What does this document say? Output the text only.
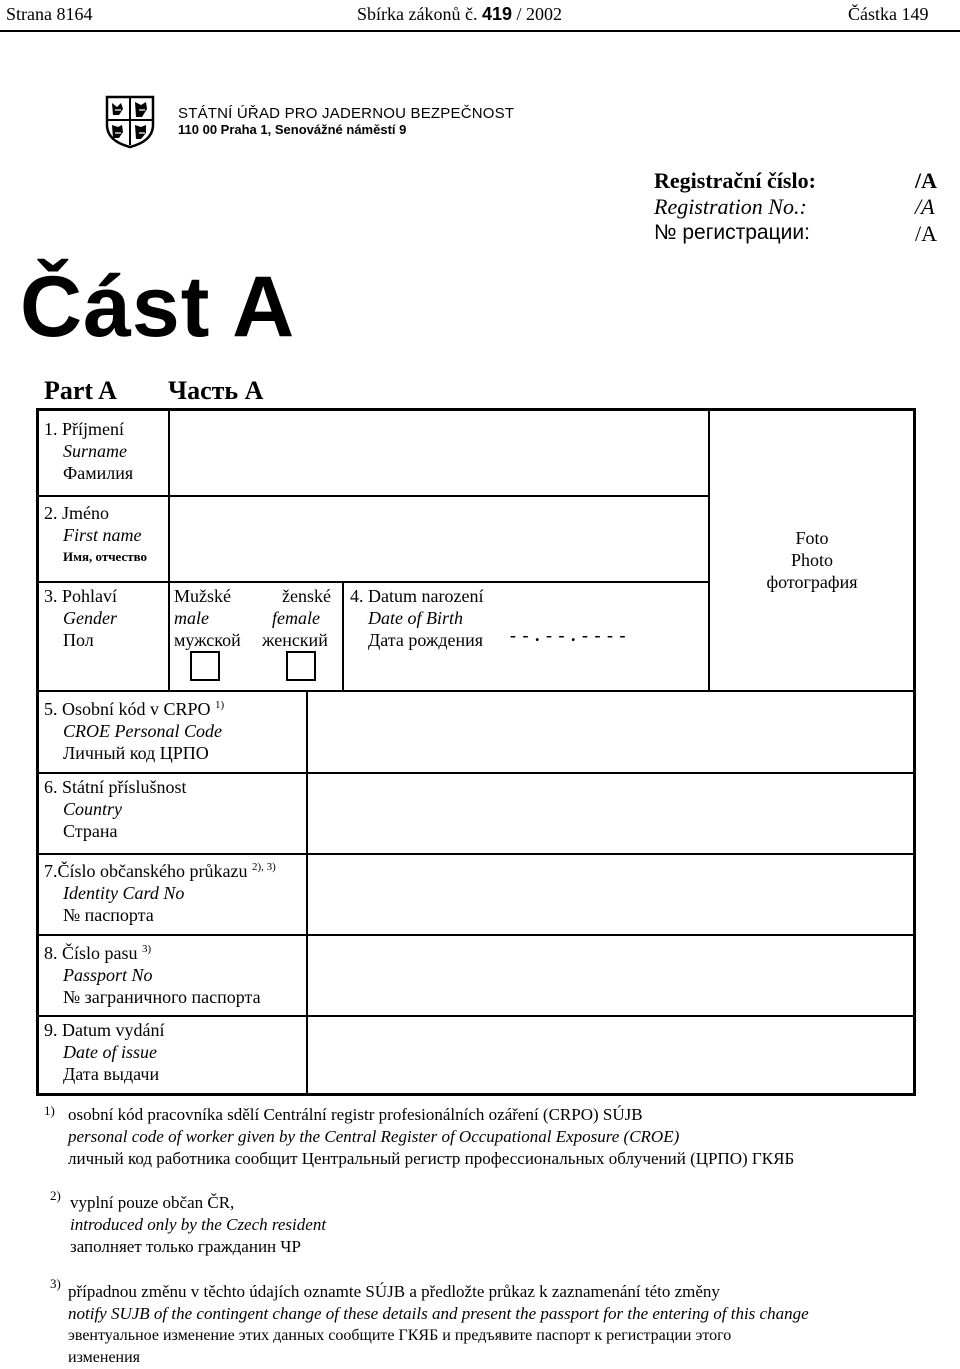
Strana 8164	Sbírka zákonů č. 419 / 2002	Částka 149
STÁTNÍ ÚŘAD PRO JADERNOU BEZPEČNOST
110 00 Praha 1, Senovážné náměstí 9
Registrační číslo:
Registration No.:
№ регистрации:
/A
/A
/A
Část A
Part A Часть А
1. Příjmení
Surname
Фамилия
2. Jméno
First name
Имя, отчество
3. Pohlaví
Gender
Пол
Mužské
male
мужской
ženské
female
женский
4. Datum narození
Date of Birth
Дата рождения - - . - - . - - - -
Foto
Photo
фотография
5. Osobní kód v CRPO $^{1)}$
CROE Personal Code
Личный код ЦРПО
6. Státní příslušnost
Country
Страна
7.Číslo občanského průkazu $^{2), 3)}$
Identity Card No
№ паспорта
8. Číslo pasu $^{3)}$
Passport No
№ заграничного паспорта
9. Datum vydání
Date of issue
Дата выдачи
1) osobní kód pracovníka sdělí Centrální registr profesionálních ozáření (CRPO) SÚJB
personal code of worker given by the Central Register of Occupational Exposure (CROE)
личный код работника сообщит Центральный регистр профессиональных облучений (ЦРПО) ГКЯБ
2) vyplní pouze občan ČR,
introduced only by the Czech resident
заполняет только гражданин ЧР
3) případnou změnu v těchto údajích oznamte SÚJB a předložte průkaz k zaznamenání této změny
notify SUJB of the contingent change of these details and present the passport for the entering of this change
эвентуальное изменение этих данных сообщите ГКЯБ и предъявите паспорт к регистрации этого
изменения
